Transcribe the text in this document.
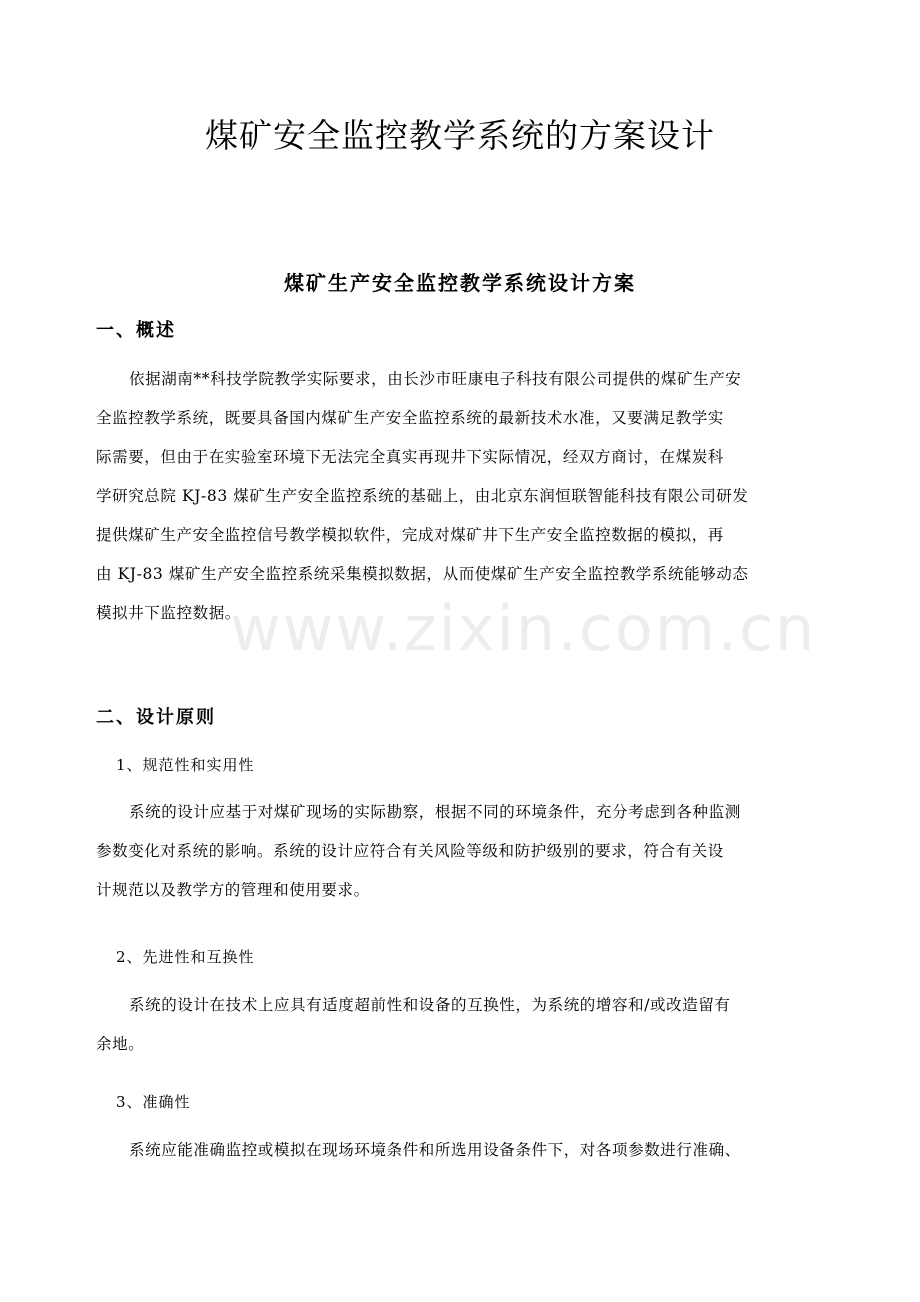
www.zixin.com.cn
煤矿安全监控教学系统的方案设计
煤矿生产安全监控教学系统设计方案
一、概述
依据湖南**科技学院教学实际要求，由长沙市旺康电子科技有限公司提供的煤矿生产安
全监控教学系统，既要具备国内煤矿生产安全监控系统的最新技术水准，又要满足教学实
际需要，但由于在实验室环境下无法完全真实再现井下实际情况，经双方商讨，在煤炭科
学研究总院 KJ-83 煤矿生产安全监控系统的基础上，由北京东润恒联智能科技有限公司研发
提供煤矿生产安全监控信号教学模拟软件，完成对煤矿井下生产安全监控数据的模拟，再
由 KJ-83 煤矿生产安全监控系统采集模拟数据，从而使煤矿生产安全监控教学系统能够动态
模拟井下监控数据。
二、设计原则
1、规范性和实用性
系统的设计应基于对煤矿现场的实际勘察，根据不同的环境条件，充分考虑到各种监测
参数变化对系统的影响。系统的设计应符合有关风险等级和防护级别的要求，符合有关设
计规范以及教学方的管理和使用要求。
2、先进性和互换性
系统的设计在技术上应具有适度超前性和设备的互换性，为系统的增容和/或改造留有
余地。
3、准确性
系统应能准确监控或模拟在现场环境条件和所选用设备条件下，对各项参数进行准确、
